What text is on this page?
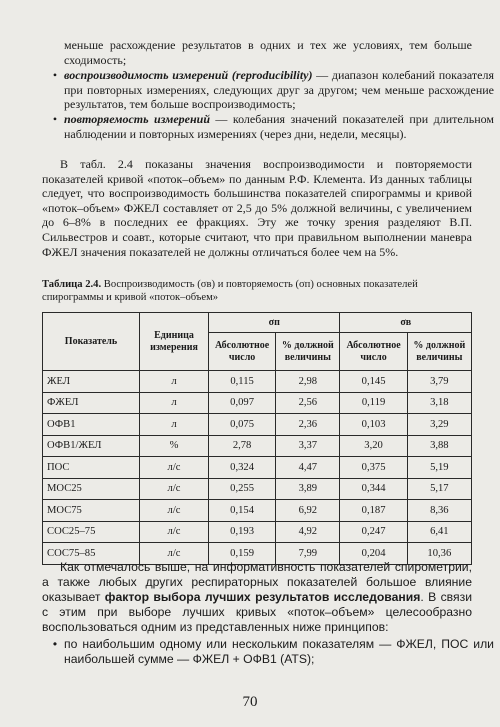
меньше расхождение результатов в одних и тех же условиях, тем больше сходимость;
• воспроизводимость измерений (reproducibility) — диапазон колебаний показателя при повторных измерениях, следующих друг за другом; чем меньше расхождение результатов, тем больше воспроизводимость;
• повторяемость измерений — колебания значений показателей при длительном наблюдении и повторных измерениях (через дни, недели, месяцы).
В табл. 2.4 показаны значения воспроизводимости и повторяемости показателей кривой «поток–объем» по данным Р.Ф. Клемента. Из данных таблицы следует, что воспроизводимость большинства показателей спирограммы и кривой «поток–объем» ФЖЕЛ составляет от 2,5 до 5% должной величины, с увеличением до 6–8% в последних ее фракциях. Эту же точку зрения разделяют В.П. Сильвестров и соавт., которые считают, что при правильном выполнении маневра ФЖЕЛ значения показателей не должны отличаться более чем на 5%.
Таблица 2.4. Воспроизводимость (σв) и повторяемость (σп) основных показателей спирограммы и кривой «поток–объем»
Показатель	Единица измерения	σп		σв	
		Абсолютное число	% должной величины	Абсолютное число	% должной величины
ЖЕЛ	л	0,115	2,98	0,145	3,79
ФЖЕЛ	л	0,097	2,56	0,119	3,18
ОФВ1	л	0,075	2,36	0,103	3,29
ОФВ1/ЖЕЛ	%	2,78	3,37	3,20	3,88
ПОС	л/с	0,324	4,47	0,375	5,19
МОС25	л/с	0,255	3,89	0,344	5,17
МОС75	л/с	0,154	6,92	0,187	8,36
СОС25–75	л/с	0,193	4,92	0,247	6,41
СОС75–85	л/с	0,159	7,99	0,204	10,36
Как отмечалось выше, на информативность показателей спирометрии, а также любых других респираторных показателей большое влияние оказывает фактор выбора лучших результатов исследования. В связи с этим при выборе лучших кривых «поток–объем» целесообразно воспользоваться одним из представленных ниже принципов:
• по наибольшим одному или нескольким показателям — ФЖЕЛ, ПОС или наибольшей сумме — ФЖЕЛ + ОФВ1 (ATS);
70
